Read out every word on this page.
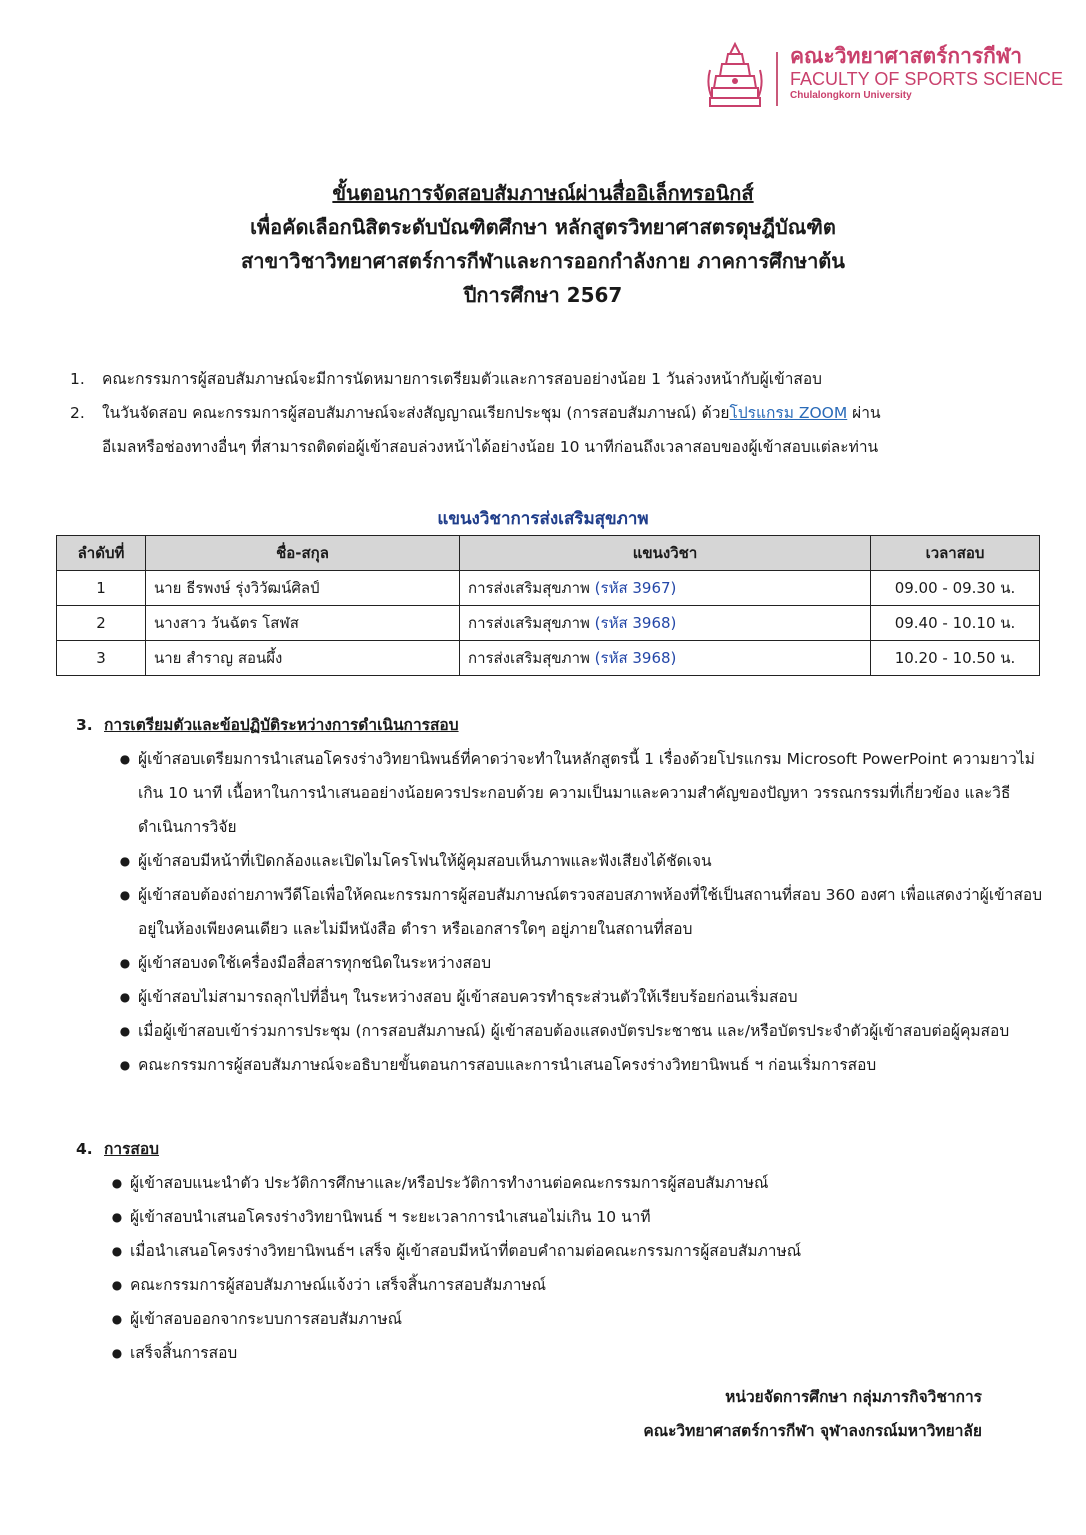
คณะวิทยาศาสตร์การกีฬา
FACULTY OF SPORTS SCIENCE
Chulalongkorn University
ขั้นตอนการจัดสอบสัมภาษณ์ผ่านสื่ออิเล็กทรอนิกส์
เพื่อคัดเลือกนิสิตระดับบัณฑิตศึกษา หลักสูตรวิทยาศาสตรดุษฎีบัณฑิต
สาขาวิชาวิทยาศาสตร์การกีฬาและการออกกำลังกาย ภาคการศึกษาต้น
ปีการศึกษา 2567
1.	คณะกรรมการผู้สอบสัมภาษณ์จะมีการนัดหมายการเตรียมตัวและการสอบอย่างน้อย 1 วันล่วงหน้ากับผู้เข้าสอบ
2.	ในวันจัดสอบ คณะกรรมการผู้สอบสัมภาษณ์จะส่งสัญญาณเรียกประชุม (การสอบสัมภาษณ์) ด้วยโปรแกรม ZOOM ผ่าน
อีเมลหรือช่องทางอื่นๆ ที่สามารถติดต่อผู้เข้าสอบล่วงหน้าได้อย่างน้อย 10 นาทีก่อนถึงเวลาสอบของผู้เข้าสอบแต่ละท่าน
แขนงวิชาการส่งเสริมสุขภาพ
ลำดับที่	ชื่อ-สกุล	แขนงวิชา	เวลาสอบ
1	นาย ธีรพงษ์ รุ่งวิวัฒน์ศิลป์	การส่งเสริมสุขภาพ (รหัส 3967)	09.00 - 09.30 น.
2	นางสาว วันฉัตร โสฬส	การส่งเสริมสุขภาพ (รหัส 3968)	09.40 - 10.10 น.
3	นาย สำราญ สอนผึ้ง	การส่งเสริมสุขภาพ (รหัส 3968)	10.20 - 10.50 น.
3. การเตรียมตัวและข้อปฏิบัติระหว่างการดำเนินการสอบ
● ผู้เข้าสอบเตรียมการนำเสนอโครงร่างวิทยานิพนธ์ที่คาดว่าจะทำในหลักสูตรนี้ 1 เรื่องด้วยโปรแกรม Microsoft PowerPoint ความยาวไม่เกิน 10 นาที เนื้อหาในการนำเสนออย่างน้อยควรประกอบด้วย ความเป็นมาและความสำคัญของปัญหา วรรณกรรมที่เกี่ยวข้อง และวิธีดำเนินการวิจัย
● ผู้เข้าสอบมีหน้าที่เปิดกล้องและเปิดไมโครโฟนให้ผู้คุมสอบเห็นภาพและฟังเสียงได้ชัดเจน
● ผู้เข้าสอบต้องถ่ายภาพวีดีโอเพื่อให้คณะกรรมการผู้สอบสัมภาษณ์ตรวจสอบสภาพห้องที่ใช้เป็นสถานที่สอบ 360 องศา เพื่อแสดงว่าผู้เข้าสอบอยู่ในห้องเพียงคนเดียว และไม่มีหนังสือ ตำรา หรือเอกสารใดๆ อยู่ภายในสถานที่สอบ
● ผู้เข้าสอบงดใช้เครื่องมือสื่อสารทุกชนิดในระหว่างสอบ
● ผู้เข้าสอบไม่สามารถลุกไปที่อื่นๆ ในระหว่างสอบ ผู้เข้าสอบควรทำธุระส่วนตัวให้เรียบร้อยก่อนเริ่มสอบ
● เมื่อผู้เข้าสอบเข้าร่วมการประชุม (การสอบสัมภาษณ์) ผู้เข้าสอบต้องแสดงบัตรประชาชน และ/หรือบัตรประจำตัวผู้เข้าสอบต่อผู้คุมสอบ
● คณะกรรมการผู้สอบสัมภาษณ์จะอธิบายขั้นตอนการสอบและการนำเสนอโครงร่างวิทยานิพนธ์ ฯ ก่อนเริ่มการสอบ
4. การสอบ
● ผู้เข้าสอบแนะนำตัว ประวัติการศึกษาและ/หรือประวัติการทำงานต่อคณะกรรมการผู้สอบสัมภาษณ์
● ผู้เข้าสอบนำเสนอโครงร่างวิทยานิพนธ์ ฯ ระยะเวลาการนำเสนอไม่เกิน 10 นาที
● เมื่อนำเสนอโครงร่างวิทยานิพนธ์ฯ เสร็จ ผู้เข้าสอบมีหน้าที่ตอบคำถามต่อคณะกรรมการผู้สอบสัมภาษณ์
● คณะกรรมการผู้สอบสัมภาษณ์แจ้งว่า เสร็จสิ้นการสอบสัมภาษณ์
● ผู้เข้าสอบออกจากระบบการสอบสัมภาษณ์
● เสร็จสิ้นการสอบ
หน่วยจัดการศึกษา กลุ่มภารกิจวิชาการ
คณะวิทยาศาสตร์การกีฬา จุฬาลงกรณ์มหาวิทยาลัย
